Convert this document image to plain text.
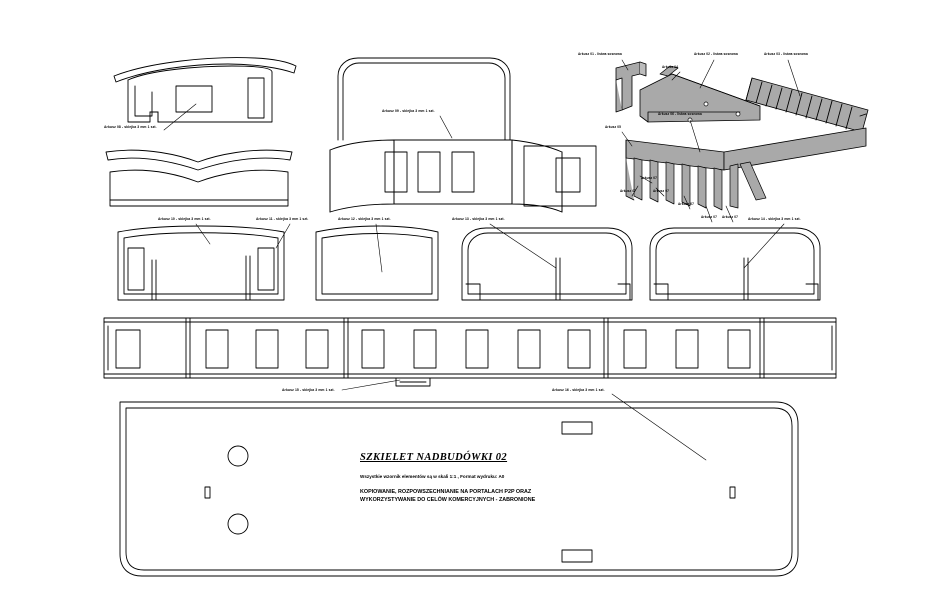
Arkusz 08 - sklejka 3 mm 1 szt.
Arkusz 09 - sklejka 3 mm 1 szt.
Arkusz 10 - sklejka 3 mm 1 szt.	Arkusz 11 - sklejka 3 mm 1 szt.	Arkusz 12 - sklejka 3 mm 1 szt.	Arkusz 13 - sklejka 3 mm 1 szt.	Arkusz 14 - sklejka 3 mm 1 szt.
Arkusz 15 - sklejka 3 mm 1 szt.	Arkusz 16 - sklejka 3 mm 1 szt.
Arkusz 01 - listwa sosnowa	Arkusz 02 - listwa sosnowa	Arkusz 03 - listwa sosnowa
Arkusz 04
Arkusz 05
Arkusz 06 - listwa sosnowa
Arkusz 07
Arkusz 07	Arkusz 07
Arkusz 07
Arkusz 07 Arkusz 07
SZKIELET NADBUDÓWKI 02
Wszystkie wzornik elementów są w skali 1:1 , Format wydruku: A0
KOPIOWANIE, ROZPOWSZECHNIANIE NA PORTALACH P2P ORAZ
WYKORZYSTYWANIE DO CELÓW KOMERCYJNYCH - ZABRONIONE
